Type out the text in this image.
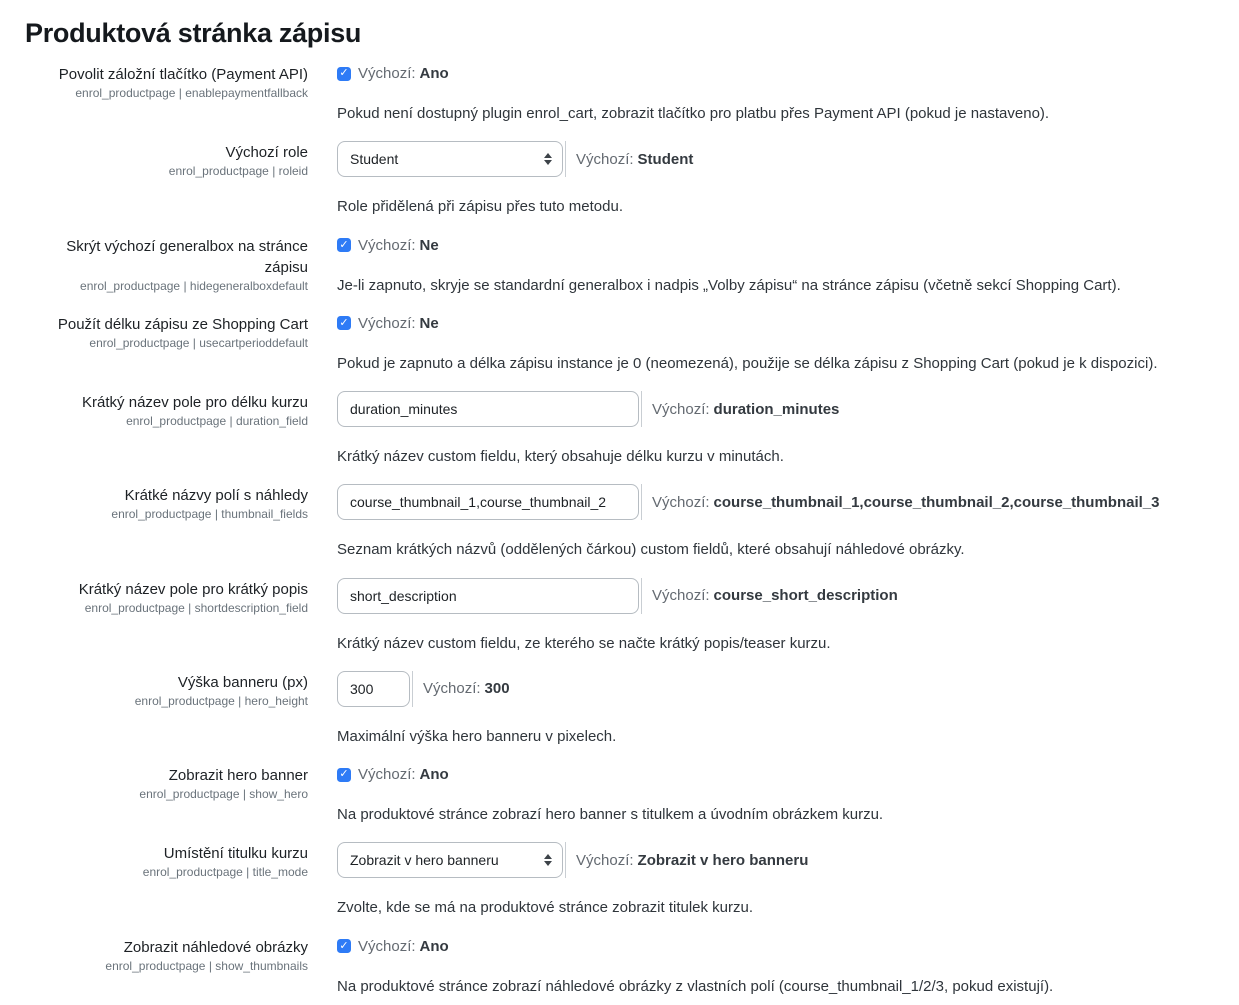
Produktová stránka zápisu
Povolit záložní tlačítko (Payment API)
enrol_productpage | enablepaymentfallback
✓ Výchozí: Ano
Pokud není dostupný plugin enrol_cart, zobrazit tlačítko pro platbu přes Payment API (pokud je nastaveno).
Výchozí role
enrol_productpage | roleid
Student
Výchozí: Student
Role přidělená při zápisu přes tuto metodu.
Skrýt výchozí generalbox na stránce zápisu
enrol_productpage | hidegeneralboxdefault
✓ Výchozí: Ne
Je-li zapnuto, skryje se standardní generalbox i nadpis „Volby zápisu“ na stránce zápisu (včetně sekcí Shopping Cart).
Použít délku zápisu ze Shopping Cart
enrol_productpage | usecartperioddefault
✓ Výchozí: Ne
Pokud je zapnuto a délka zápisu instance je 0 (neomezená), použije se délka zápisu z Shopping Cart (pokud je k dispozici).
Krátký název pole pro délku kurzu
enrol_productpage | duration_field
duration_minutes
Výchozí: duration_minutes
Krátký název custom fieldu, který obsahuje délku kurzu v minutách.
Krátké názvy polí s náhledy
enrol_productpage | thumbnail_fields
course_thumbnail_1,course_thumbnail_2
Výchozí: course_thumbnail_1,course_thumbnail_2,course_thumbnail_3
Seznam krátkých názvů (oddělených čárkou) custom fieldů, které obsahují náhledové obrázky.
Krátký název pole pro krátký popis
enrol_productpage | shortdescription_field
short_description
Výchozí: course_short_description
Krátký název custom fieldu, ze kterého se načte krátký popis/teaser kurzu.
Výška banneru (px)
enrol_productpage | hero_height
300
Výchozí: 300
Maximální výška hero banneru v pixelech.
Zobrazit hero banner
enrol_productpage | show_hero
✓ Výchozí: Ano
Na produktové stránce zobrazí hero banner s titulkem a úvodním obrázkem kurzu.
Umístění titulku kurzu
enrol_productpage | title_mode
Zobrazit v hero banneru
Výchozí: Zobrazit v hero banneru
Zvolte, kde se má na produktové stránce zobrazit titulek kurzu.
Zobrazit náhledové obrázky
enrol_productpage | show_thumbnails
✓ Výchozí: Ano
Na produktové stránce zobrazí náhledové obrázky z vlastních polí (course_thumbnail_1/2/3, pokud existují).
